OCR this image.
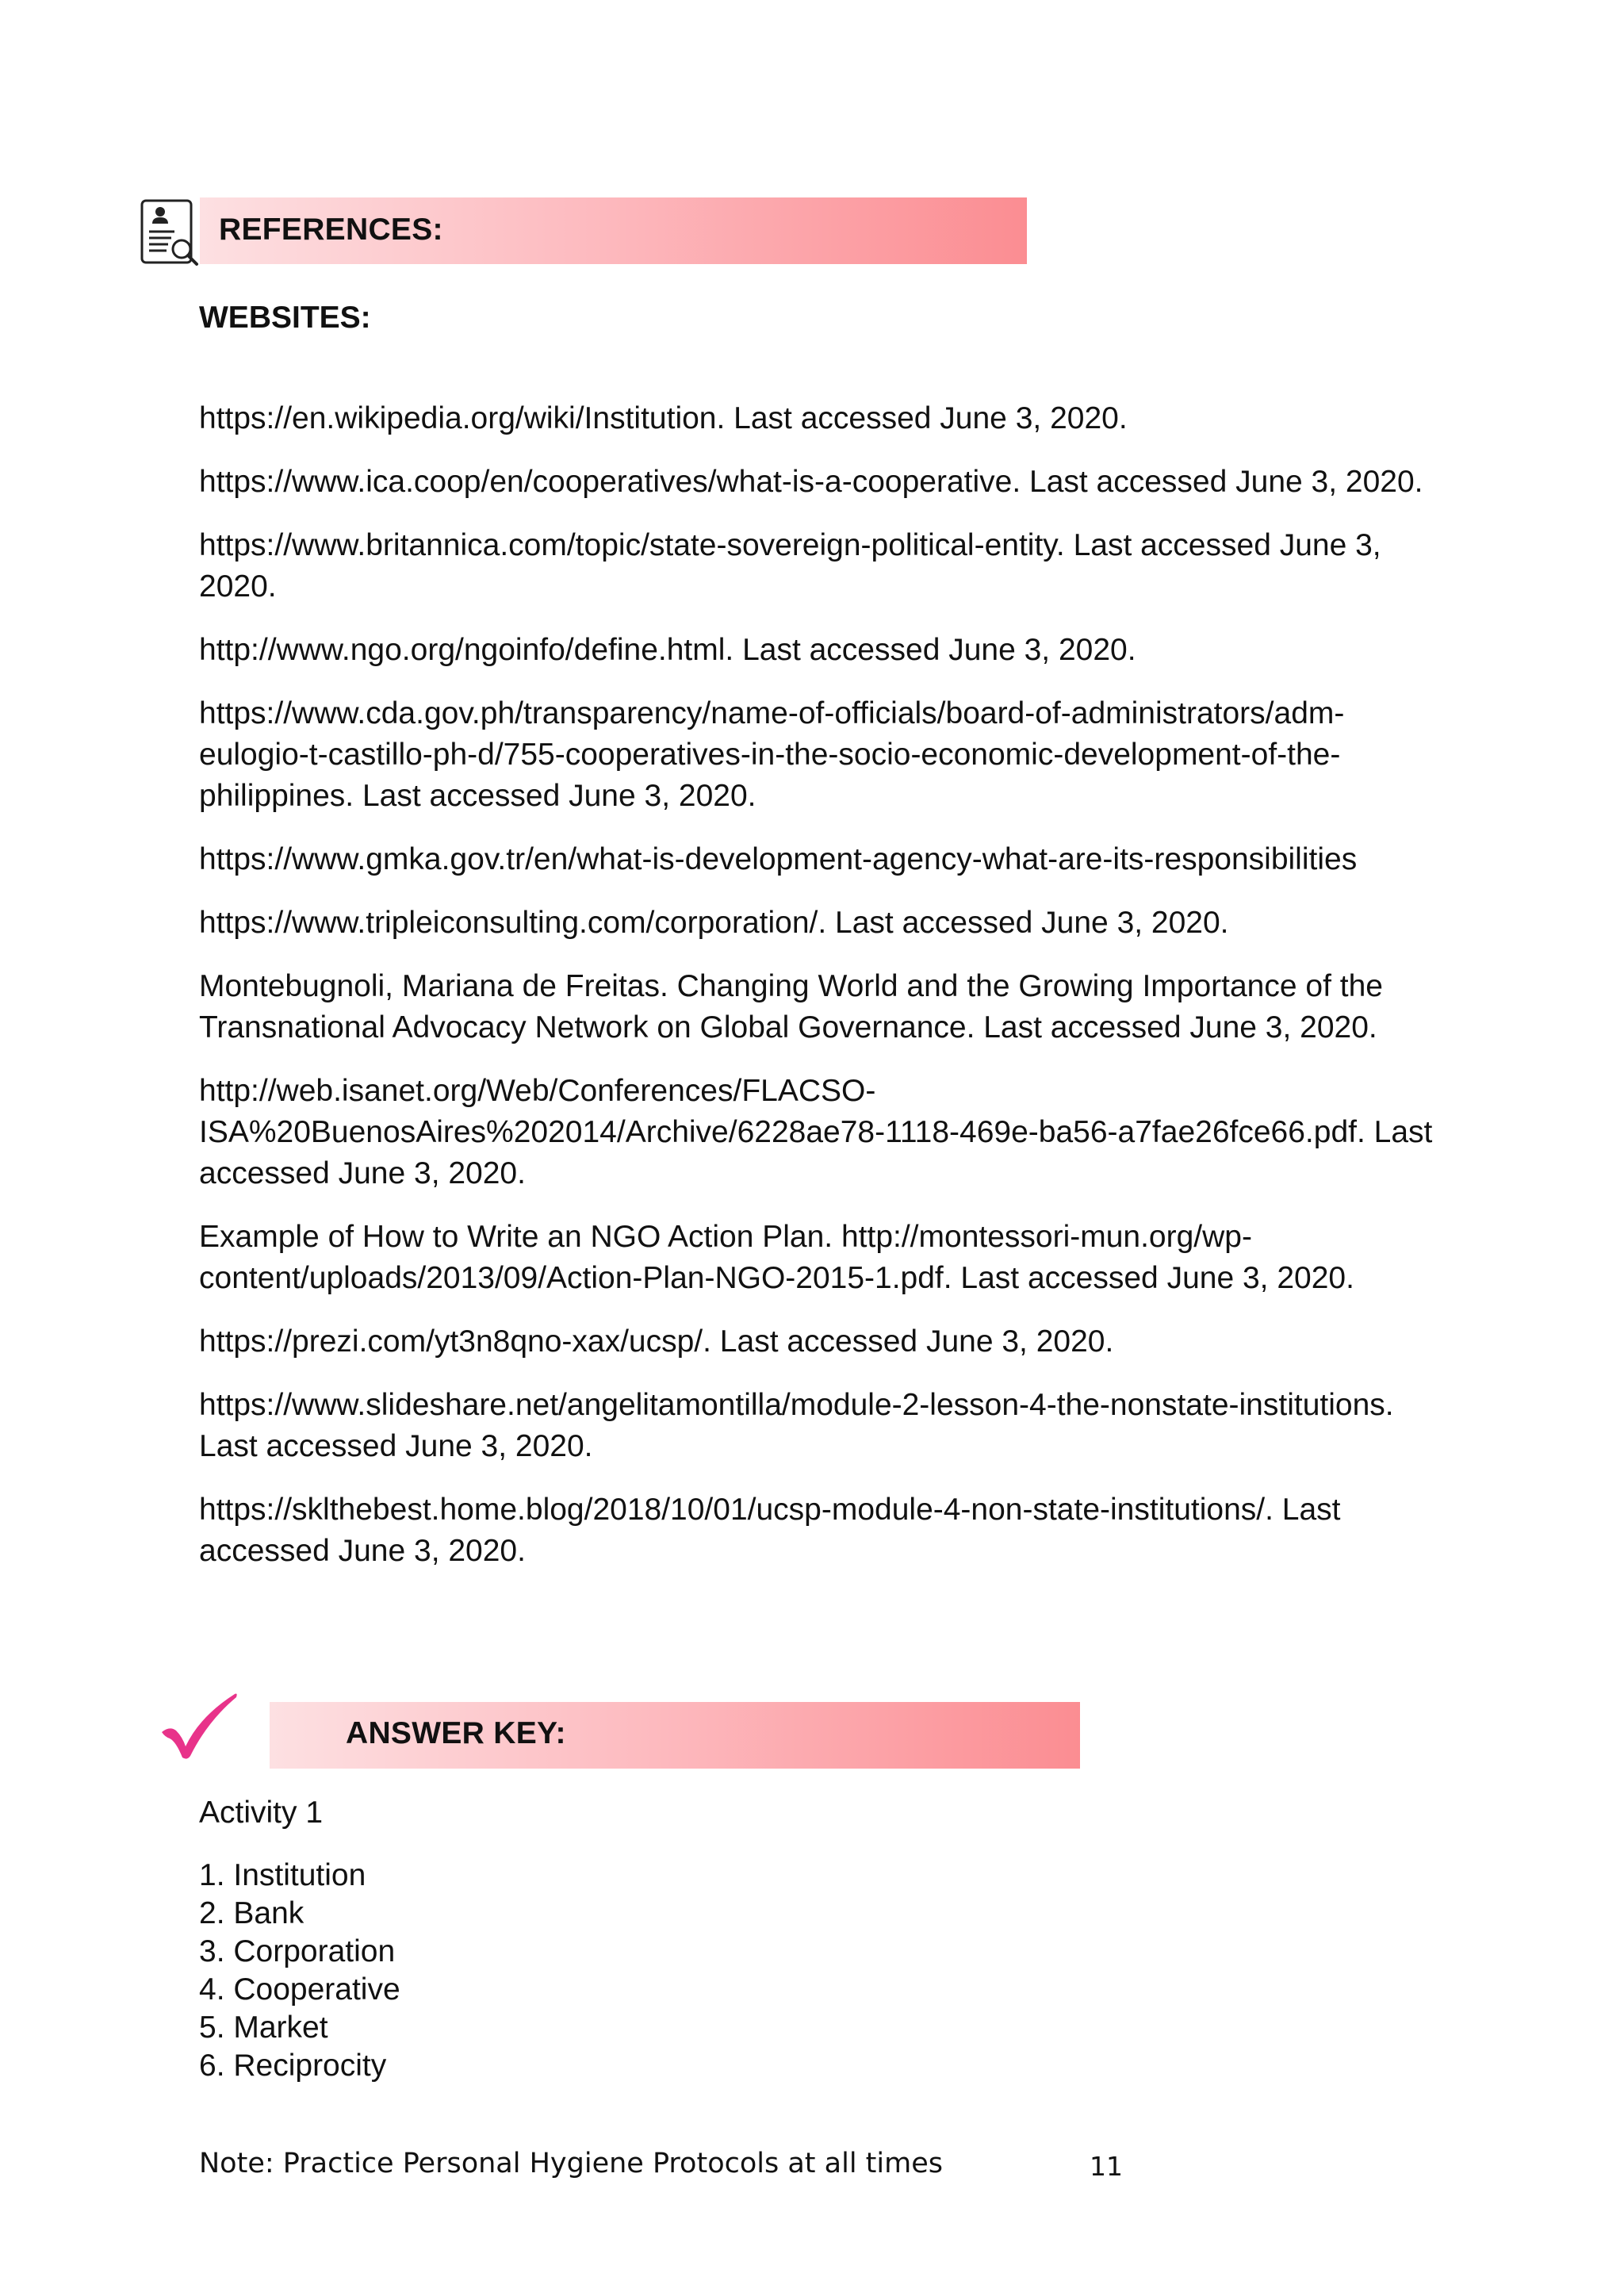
REFERENCES:
WEBSITES:
https://en.wikipedia.org/wiki/Institution. Last accessed June 3, 2020.
https://www.ica.coop/en/cooperatives/what-is-a-cooperative. Last accessed June 3, 2020.
https://www.britannica.com/topic/state-sovereign-political-entity. Last accessed June 3, 2020.
http://www.ngo.org/ngoinfo/define.html. Last accessed June 3, 2020.
https://www.cda.gov.ph/transparency/name-of-officials/board-of-administrators/adm-eulogio-t-castillo-ph-d/755-cooperatives-in-the-socio-economic-development-of-the-philippines. Last accessed June 3, 2020.
https://www.gmka.gov.tr/en/what-is-development-agency-what-are-its-responsibilities
https://www.tripleiconsulting.com/corporation/. Last accessed June 3, 2020.
Montebugnoli, Mariana de Freitas. Changing World and the Growing Importance of the Transnational Advocacy Network on Global Governance. Last accessed June 3, 2020.
http://web.isanet.org/Web/Conferences/FLACSO-ISA%20BuenosAires%202014/Archive/6228ae78-1118-469e-ba56-a7fae26fce66.pdf. Last accessed June 3, 2020.
Example of How to Write an NGO Action Plan. http://montessori-mun.org/wp-content/uploads/2013/09/Action-Plan-NGO-2015-1.pdf. Last accessed June 3, 2020.
https://prezi.com/yt3n8qno-xax/ucsp/. Last accessed June 3, 2020.
https://www.slideshare.net/angelitamontilla/module-2-lesson-4-the-nonstate-institutions. Last accessed June 3, 2020.
https://sklthebest.home.blog/2018/10/01/ucsp-module-4-non-state-institutions/. Last accessed June 3, 2020.
ANSWER KEY:
Activity 1
1. Institution
2. Bank
3. Corporation
4. Cooperative
5. Market
6. Reciprocity
Note: Practice Personal Hygiene Protocols at all times	11
